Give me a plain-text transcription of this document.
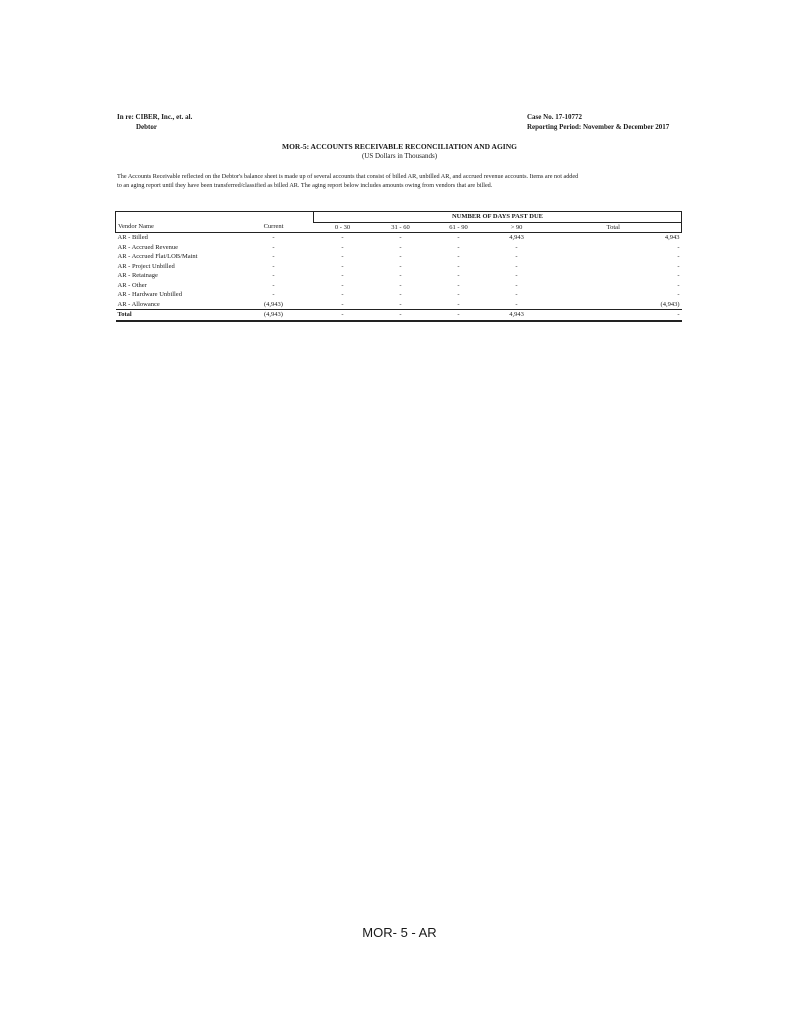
In re: CIBER, Inc., et. al.
Debtor
Case No. 17-10772
Reporting Period: November & December 2017
MOR-5: ACCOUNTS RECEIVABLE RECONCILIATION AND AGING
(US Dollars in Thousands)

The Accounts Receivable reflected on the Debtor's balance sheet is made up of several accounts that consist of billed AR, unbilled AR, and accrued revenue accounts. Items are not added

to an aging report until they have been transferred/classified as billed AR. The aging report below includes amounts owing from vendors that are billed.

		NUMBER OF DAYS PAST DUE				
Vendor Name	Current	0 - 30	31 - 60	61 - 90	> 90	Total
AR - Billed	-	-	-	-	4,943	4,943
AR - Accrued Revenue	-	-	-	-	-	-
AR - Accrued Flat/LOB/Maint	-	-	-	-	-	-
AR - Project Unbilled	-	-	-	-	-	-
AR - Retainage	-	-	-	-	-	-
AR - Other	-	-	-	-	-	-
AR - Hardware Unbilled	-	-	-	-	-	-
AR - Allowance	(4,943)	-	-	-	-	(4,943)
Total	(4,943)	-	-	-	4,943	-
MOR- 5 - AR
